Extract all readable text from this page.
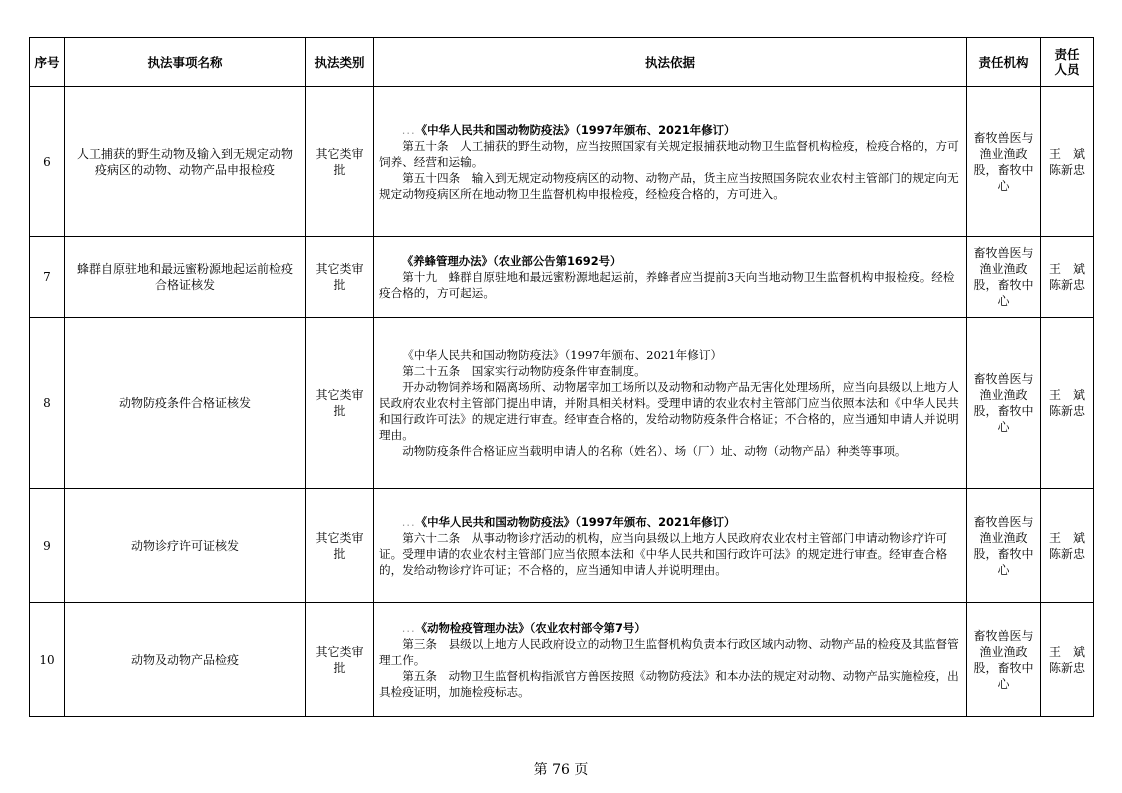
序号	执法事项名称	执法类别	执法依据	责任机构	责任
人员

6	人工捕获的野生动物及输入到无规定动物疫病区的动物、动物产品申报检疫	其它类审批	...《中华人民共和国动物防疫法》（1997年颁布、2021年修订）
第五十条　人工捕获的野生动物，应当按照国家有关规定报捕获地动物卫生监督机构检疫，检疫合格的，方可饲养、经营和运输。
第五十四条　输入到无规定动物疫病区的动物、动物产品，货主应当按照国务院农业农村主管部门的规定向无规定动物疫病区所在地动物卫生监督机构申报检疫，经检疫合格的，方可进入。	畜牧兽医与渔业渔政股，畜牧中心	王　斌
陈新忠

7	蜂群自原驻地和最远蜜粉源地起运前检疫合格证核发	其它类审批	《养蜂管理办法》（农业部公告第1692号）
第十九　蜂群自原驻地和最远蜜粉源地起运前，养蜂者应当提前3天向当地动物卫生监督机构申报检疫。经检疫合格的，方可起运。	畜牧兽医与渔业渔政股，畜牧中心	王　斌
陈新忠

8	动物防疫条件合格证核发	其它类审批	《中华人民共和国动物防疫法》（1997年颁布、2021年修订）
第二十五条　国家实行动物防疫条件审查制度。
开办动物饲养场和隔离场所、动物屠宰加工场所以及动物和动物产品无害化处理场所，应当向县级以上地方人民政府农业农村主管部门提出申请，并附具相关材料。受理申请的农业农村主管部门应当依照本法和《中华人民共和国行政许可法》的规定进行审查。经审查合格的，发给动物防疫条件合格证；不合格的，应当通知申请人并说明理由。
动物防疫条件合格证应当载明申请人的名称（姓名）、场（厂）址、动物（动物产品）种类等事项。	畜牧兽医与渔业渔政股，畜牧中心	王　斌
陈新忠

9	动物诊疗许可证核发	其它类审批	...《中华人民共和国动物防疫法》（1997年颁布、2021年修订）
第六十二条　从事动物诊疗活动的机构，应当向县级以上地方人民政府农业农村主管部门申请动物诊疗许可证。受理申请的农业农村主管部门应当依照本法和《中华人民共和国行政许可法》的规定进行审查。经审查合格的，发给动物诊疗许可证；不合格的，应当通知申请人并说明理由。	畜牧兽医与渔业渔政股，畜牧中心	王　斌
陈新忠

10	动物及动物产品检疫	其它类审批	...《动物检疫管理办法》（农业农村部令第7号）
第三条　县级以上地方人民政府设立的动物卫生监督机构负责本行政区域内动物、动物产品的检疫及其监督管理工作。
第五条　动物卫生监督机构指派官方兽医按照《动物防疫法》和本办法的规定对动物、动物产品实施检疫，出具检疫证明，加施检疫标志。	畜牧兽医与渔业渔政股，畜牧中心	王　斌
陈新忠
第 76 页
